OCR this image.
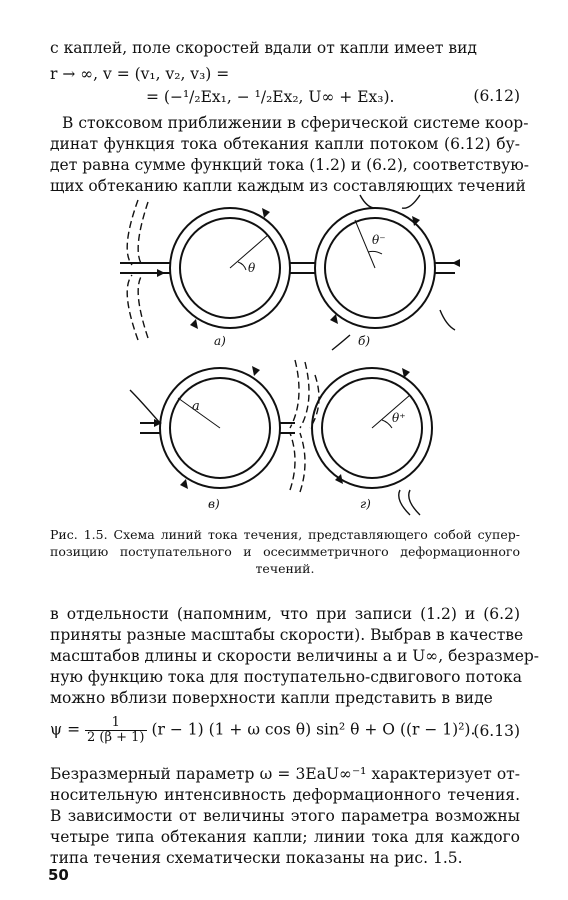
с каплей, поле скоростей вдали от капли имеет вид
r → ∞, v = (v₁, v₂, v₃) =
= (−¹/₂Ex₁, − ¹/₂Ex₂, U∞ + Ex₃).	(6.12)
В стоксовом приближении в сферической системе коор-
динат функция тока обтекания капли потоком (6.12) бу-
дет равна сумме функций тока (1.2) и (6.2), соответствую-
щих обтеканию капли каждым из составляющих течений
а)	б)
в)	г)
θ
θ⁻
θ⁺
a
Рис. 1.5. Схема линий тока течения, представляющего собой супер-
позицию поступательного и осесимметричного деформационного
течений.
в отдельности (напомним, что при записи (1.2) и (6.2)
приняты разные масштабы скорости). Выбрав в качестве
масштабов длины и скорости величины a и U∞, безразмер-
ную функцию тока для поступательно-сдвигового потока
можно вблизи поверхности капли представить в виде
$\psi = \frac{1}{2 (\beta + 1)} (r - 1) (1 + \omega$ cos θ) sin² θ + O ((r − 1)²).
(6.13)
Безразмерный параметр ω = 3EaU∞⁻¹ характеризует от-
носительную интенсивность деформационного течения.
В зависимости от величины этого параметра возможны
четыре типа обтекания капли; линии тока для каждого
типа течения схематически показаны на рис. 1.5.
50
